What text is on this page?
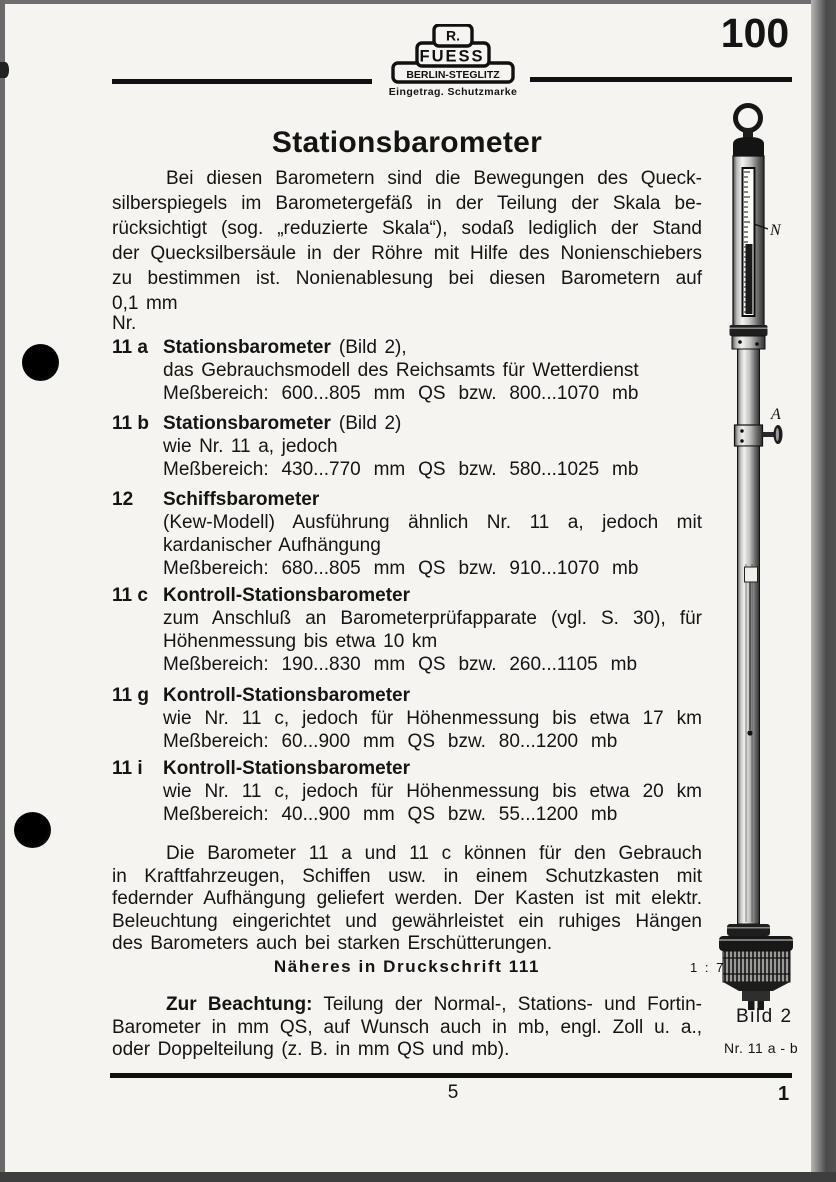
100
R.
FUESS
BERLIN-STEGLITZ
Eingetrag. Schutzmarke
Stationsbarometer
Bei diesen Barometern sind die Bewegungen des Queck-
silberspiegels im Barometergefäß in der Teilung der Skala be-
rücksichtigt (sog. „reduzierte Skala“), sodaß lediglich der Stand
der Quecksilbersäule in der Röhre mit Hilfe des Nonienschiebers
zu bestimmen ist. Nonienablesung bei diesen Barometern auf
0,1 mm
Nr.
11 a Stationsbarometer (Bild 2),
das Gebrauchsmodell des Reichsamts für Wetterdienst
Meßbereich: 600...805 mm QS bzw. 800...1070 mb
11 b Stationsbarometer (Bild 2)
wie Nr. 11 a, jedoch
Meßbereich: 430...770 mm QS bzw. 580...1025 mb
12 Schiffsbarometer
(Kew-Modell) Ausführung ähnlich Nr. 11 a, jedoch mit
kardanischer Aufhängung
Meßbereich: 680...805 mm QS bzw. 910...1070 mb
11 c Kontroll-Stationsbarometer
zum Anschluß an Barometerprüfapparate (vgl. S. 30), für
Höhenmessung bis etwa 10 km
Meßbereich: 190...830 mm QS bzw. 260...1105 mb
11 g Kontroll-Stationsbarometer
wie Nr. 11 c, jedoch für Höhenmessung bis etwa 17 km
Meßbereich: 60...900 mm QS bzw. 80...1200 mb
11 i Kontroll-Stationsbarometer
wie Nr. 11 c, jedoch für Höhenmessung bis etwa 20 km
Meßbereich: 40...900 mm QS bzw. 55...1200 mb
Die Barometer 11 a und 11 c können für den Gebrauch
in Kraftfahrzeugen, Schiffen usw. in einem Schutzkasten mit
federnder Aufhängung geliefert werden. Der Kasten ist mit elektr.
Beleuchtung eingerichtet und gewährleistet ein ruhiges Hängen
des Barometers auch bei starken Erschütterungen.
Näheres in Druckschrift 111
Zur Beachtung: Teilung der Normal-, Stations- und Fortin-
Barometer in mm QS, auf Wunsch auch in mb, engl. Zoll u. a.,
oder Doppelteilung (z. B. in mm QS und mb).
N
A
1 : 7
Bild 2
Nr. 11 a - b
5	1
